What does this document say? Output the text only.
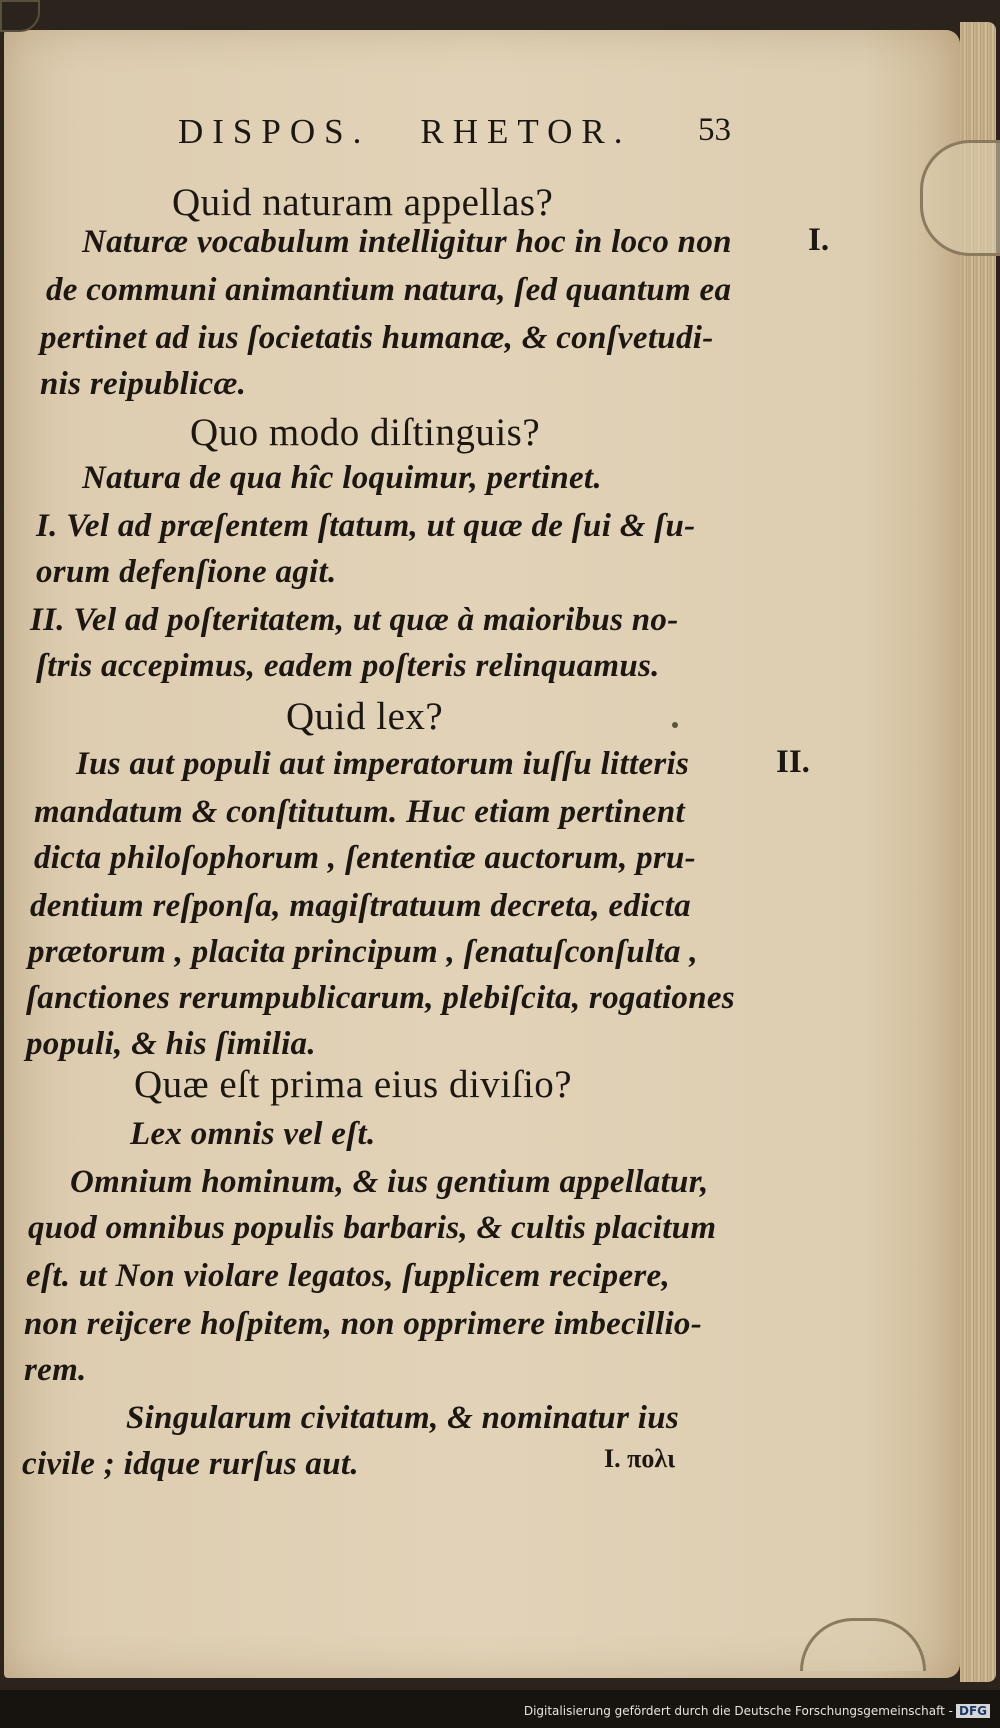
DISPOS. RHETOR.	53
Quid naturam appellas?
Naturæ vocabulum intelligitur hoc in loco non
de communi animantium natura, ſed quantum ea
pertinet ad ius ſocietatis humanæ, & conſvetudi-
nis reipublicæ.
Quo modo diſtinguis?
Natura de qua hîc loquimur, pertinet.
I. Vel ad præſentem ſtatum, ut quæ de ſui & ſu-
orum defenſione agit.
II. Vel ad poſteritatem, ut quæ à maioribus no-
ſtris accepimus, eadem poſteris relinquamus.
Quid lex?
Ius aut populi aut imperatorum iuſſu litteris
mandatum & conſtitutum. Huc etiam pertinent
dicta philoſophorum , ſententiæ auctorum, pru-
dentium reſponſa, magiſtratuum decreta, edicta
prætorum , placita principum , ſenatuſconſulta ,
ſanctiones rerumpublicarum, plebiſcita, rogationes
populi, & his ſimilia.
Quæ eſt prima eius diviſio?
Lex omnis vel eſt.
Omnium hominum, & ius gentium appellatur,
quod omnibus populis barbaris, & cultis placitum
eſt. ut Non violare legatos, ſupplicem recipere,
non reijcere hoſpitem, non opprimere imbecillio-
rem.
Singularum civitatum, & nominatur ius
civile ; idque rurſus aut.
I.
II.
I. πολι
Digitalisierung gefördert durch die Deutsche Forschungsgemeinschaft - DFG
